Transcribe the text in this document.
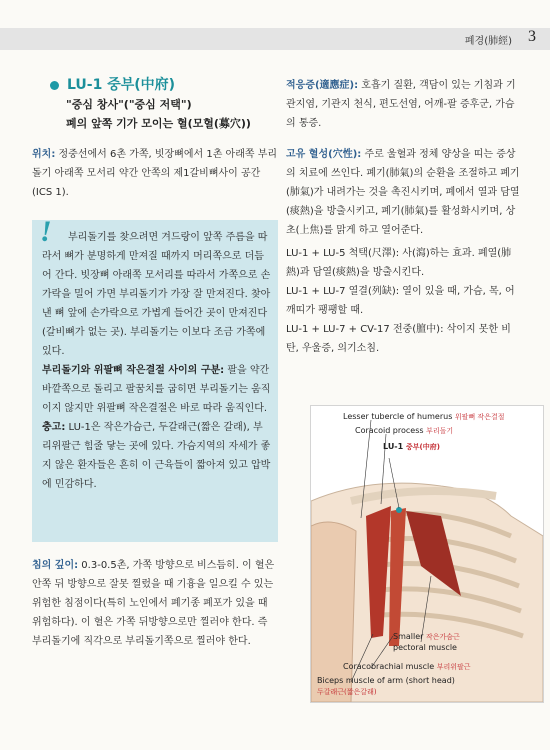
폐경(肺經) 3
LU-1 중부(中府)
"중심 창사"("중심 저택")
폐의 앞쪽 기가 모이는 혈(모혈(募穴))
위치: 정중선에서 6촌 가쪽, 빗장뼈에서 1촌 아래쪽 부리돌기 아래쪽 모서리 약간 안쪽의 제1갈비뼈사이 공간(ICS 1).
!	부리돌기를 찾으려면 겨드랑이 앞쪽 주름을 따라서 뼈가 분명하게 만져질 때까지 머리쪽으로 더듬어 간다. 빗장뼈 아래쪽 모서리를 따라서 가쪽으로 손가락을 밀어 가면 부리돌기가 가장 잘 만져진다. 찾아낸 뼈 앞에 손가락으로 가볍게 들어간 곳이 만져진다(갈비뼈가 없는 곳). 부리돌기는 이보다 조금 가쪽에 있다.

부리돌기와 위팔뼈 작은결절 사이의 구분: 팔을 약간 바깥쪽으로 돌리고 팔꿈치를 굽히면 부리돌기는 움직이지 않지만 위팔뼈 작은결절은 바로 따라 움직인다.

충고: LU-1은 작은가슴근, 두갈래근(짧은 갈래), 부리위팔근 힘줄 닿는 곳에 있다. 가슴지역의 자세가 좋지 않은 환자들은 흔히 이 근육들이 짧아져 있고 압박에 민감하다.

침의 깊이: 0.3-0.5촌, 가쪽 방향으로 비스듬히. 이 혈은 안쪽 뒤 방향으로 잘못 찔렀을 때 기흉을 일으킬 수 있는 위험한 침점이다(특히 노인에서 폐기종 폐포가 있을 때 위험하다). 이 혈은 가쪽 뒤방향으로만 찔러야 한다. 즉 부리돌기에 직각으로 부리돌기쪽으로 찔러야 한다.
적응증(適應症): 호흡기 질환, 객담이 있는 기침과 기관지염, 기관지 천식, 편도선염, 어깨-팔 증후군, 가슴의 통증.
고유 혈성(穴性): 주로 울혈과 정체 양상을 띠는 증상의 치료에 쓰인다. 폐기(肺氣)의 순환을 조절하고 폐기(肺氣)가 내려가는 것을 촉진시키며, 폐에서 열과 담열(痰熱)을 방출시키고, 폐기(肺氣)를 활성화시키며, 상초(上焦)를 맑게 하고 열어준다.
LU-1 + LU-5 척택(尺澤): 사(瀉)하는 효과. 폐열(肺熱)과 담열(痰熱)을 방출시킨다.
LU-1 + LU-7 열결(列缺): 열이 있을 때, 가슴, 목, 어깨띠가 팽팽할 때.
LU-1 + LU-7 + CV-17 전중(膻中): 삭이지 못한 비탄, 우울증, 의기소침.
Lesser tubercle of humerus 위팔뼈 작은결절
Coracoid process 부리돌기
LU-1 중부(中府)
Smaller 작은가슴근
pectoral muscle
Coracobrachial muscle 부리위팔근
Biceps muscle of arm (short head)
두갈래근(짧은갈래)
